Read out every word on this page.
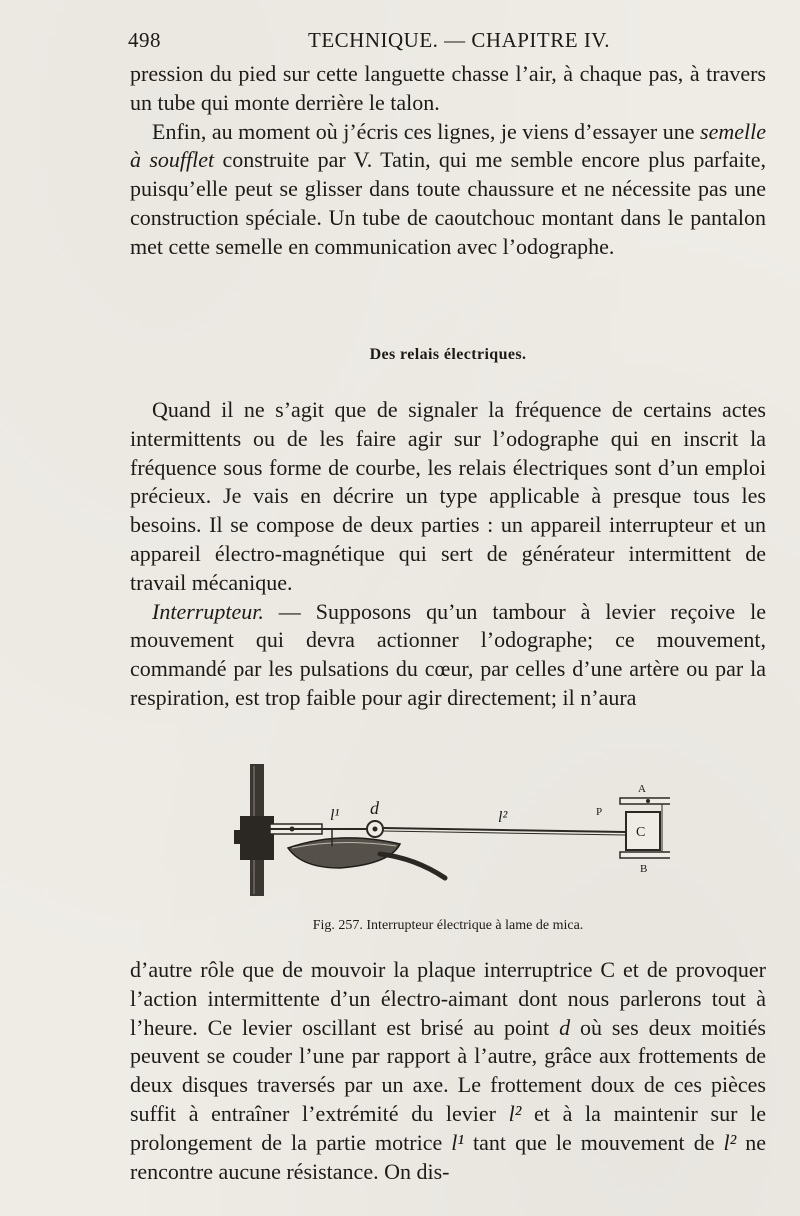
498	TECHNIQUE. — CHAPITRE IV.

pression du pied sur cette languette chasse l’air, à chaque pas, à travers un tube qui monte derrière le talon.

Enfin, au moment où j’écris ces lignes, je viens d’essayer une semelle à soufflet construite par V. Tatin, qui me semble encore plus parfaite, puisqu’elle peut se glisser dans toute chaussure et ne nécessite pas une construction spéciale. Un tube de caoutchouc montant dans le pantalon met cette semelle en communication avec l’odographe.

Des relais électriques.

Quand il ne s’agit que de signaler la fréquence de certains actes intermittents ou de les faire agir sur l’odographe qui en inscrit la fréquence sous forme de courbe, les relais électriques sont d’un emploi précieux. Je vais en décrire un type applicable à presque tous les besoins. Il se compose de deux parties : un appareil interrupteur et un appareil électro-magnétique qui sert de générateur intermittent de travail mécanique.

Interrupteur. — Supposons qu’un tambour à levier reçoive le mouvement qui devra actionner l’odographe; ce mouvement, commandé par les pulsations du cœur, par celles d’une artère ou par la respiration, est trop faible pour agir directement; il n’aura

l¹ d	l²	P
A
C
B
Fig. 257. Interrupteur électrique à lame de mica.

d’autre rôle que de mouvoir la plaque interruptrice C et de provoquer l’action intermittente d’un électro-aimant dont nous parlerons tout à l’heure. Ce levier oscillant est brisé au point d où ses deux moitiés peuvent se couder l’une par rapport à l’autre, grâce aux frottements de deux disques traversés par un axe. Le frottement doux de ces pièces suffit à entraîner l’extrémité du levier l² et à la maintenir sur le prolongement de la partie motrice l¹ tant que le mouvement de l² ne rencontre aucune résistance. On dis-
